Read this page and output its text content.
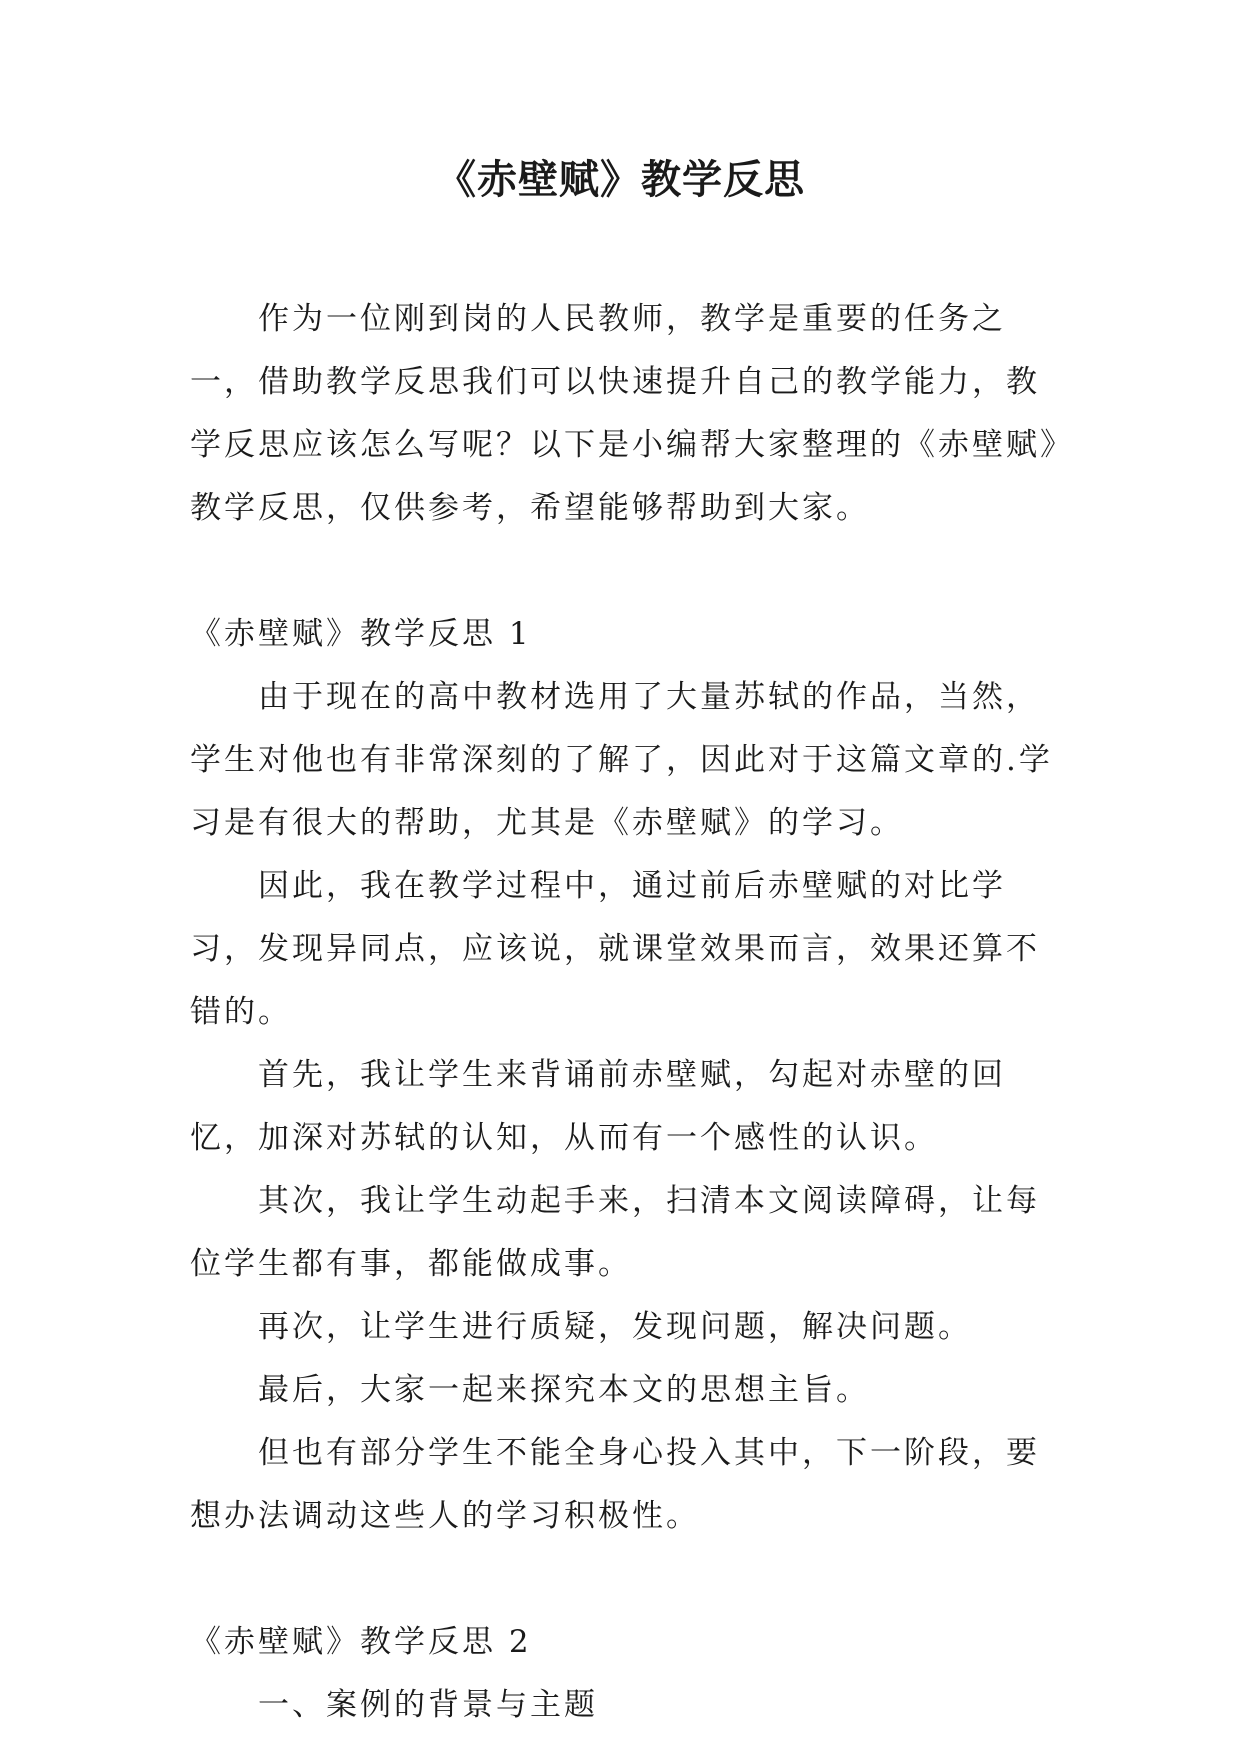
《赤壁赋》教学反思

作为一位刚到岗的人民教师，教学是重要的任务之一，借助教学反思我们可以快速提升自己的教学能力，教学反思应该怎么写呢？以下是小编帮大家整理的《赤壁赋》教学反思，仅供参考，希望能够帮助到大家。

《赤壁赋》教学反思 1

由于现在的高中教材选用了大量苏轼的作品，当然，学生对他也有非常深刻的了解了，因此对于这篇文章的.学习是有很大的帮助，尤其是《赤壁赋》的学习。

因此，我在教学过程中，通过前后赤壁赋的对比学习，发现异同点，应该说，就课堂效果而言，效果还算不错的。

首先，我让学生来背诵前赤壁赋，勾起对赤壁的回忆，加深对苏轼的认知，从而有一个感性的认识。

其次，我让学生动起手来，扫清本文阅读障碍，让每位学生都有事，都能做成事。

再次，让学生进行质疑，发现问题，解决问题。

最后，大家一起来探究本文的思想主旨。

但也有部分学生不能全身心投入其中，下一阶段，要想办法调动这些人的学习积极性。

《赤壁赋》教学反思 2

一、案例的背景与主题
